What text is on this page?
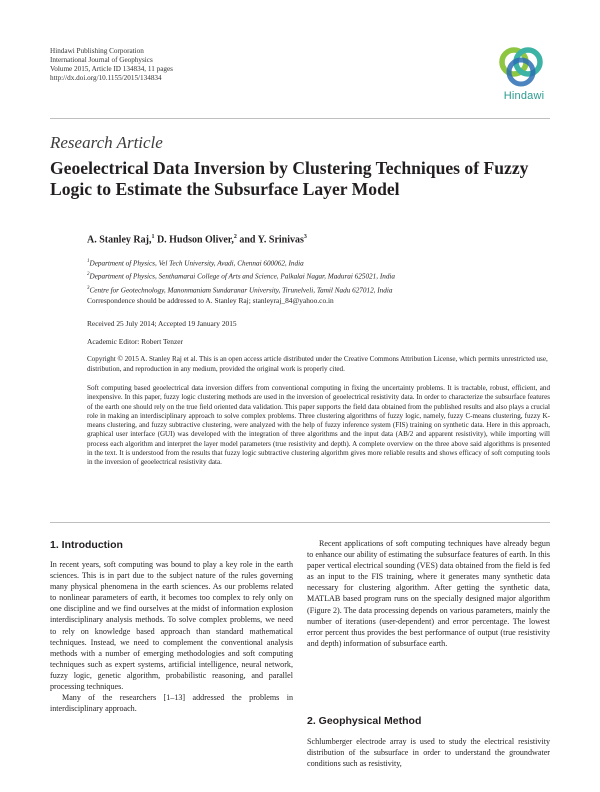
Hindawi Publishing Corporation
International Journal of Geophysics
Volume 2015, Article ID 134834, 11 pages
http://dx.doi.org/10.1155/2015/134834
Hindawi
Research Article
Geoelectrical Data Inversion by Clustering Techniques of Fuzzy Logic to Estimate the Subsurface Layer Model
A. Stanley Raj,$^1$ D. Hudson Oliver,$^2$ and Y. Srinivas$^3$
$^1$Department of Physics, Vel Tech University, Avadi, Chennai 600062, India
$^2$Department of Physics, Senthamarai College of Arts and Science, Palkalai Nagar, Madurai 625021, India
$^3$Centre for Geotechnology, Manonmaniam Sundaranar University, Tirunelveli, Tamil Nadu 627012, India
Correspondence should be addressed to A. Stanley Raj; stanleyraj_84@yahoo.co.in
Received 25 July 2014; Accepted 19 January 2015
Academic Editor: Robert Tenzer
Copyright © 2015 A. Stanley Raj et al. This is an open access article distributed under the Creative Commons Attribution License, which permits unrestricted use, distribution, and reproduction in any medium, provided the original work is properly cited.
Soft computing based geoelectrical data inversion differs from conventional computing in fixing the uncertainty problems. It is tractable, robust, efficient, and inexpensive. In this paper, fuzzy logic clustering methods are used in the inversion of geoelectrical resistivity data. In order to characterize the subsurface features of the earth one should rely on the true field oriented data validation. This paper supports the field data obtained from the published results and also plays a crucial role in making an interdisciplinary approach to solve complex problems. Three clustering algorithms of fuzzy logic, namely, fuzzy C-means clustering, fuzzy K-means clustering, and fuzzy subtractive clustering, were analyzed with the help of fuzzy inference system (FIS) training on synthetic data. Here in this approach, graphical user interface (GUI) was developed with the integration of three algorithms and the input data (AB/2 and apparent resistivity), while importing will process each algorithm and interpret the layer model parameters (true resistivity and depth). A complete overview on the three above said algorithms is presented in the text. It is understood from the results that fuzzy logic subtractive clustering algorithm gives more reliable results and shows efficacy of soft computing tools in the inversion of geoelectrical resistivity data.
1. Introduction

In recent years, soft computing was bound to play a key role in the earth sciences. This is in part due to the subject nature of the rules governing many physical phenomena in the earth sciences. As our problems related to nonlinear parameters of earth, it becomes too complex to rely only on one discipline and we find ourselves at the midst of information explosion interdisciplinary analysis methods. To solve complex problems, we need to rely on knowledge based approach than standard mathematical techniques. Instead, we need to complement the conventional analysis methods with a number of emerging methodologies and soft computing techniques such as expert systems, artificial intelligence, neural network, fuzzy logic, genetic algorithm, probabilistic reasoning, and parallel processing techniques.

Many of the researchers [1–13] addressed the problems in interdisciplinary approach.

Recent applications of soft computing techniques have already begun to enhance our ability of estimating the subsurface features of earth. In this paper vertical electrical sounding (VES) data obtained from the field is fed as an input to the FIS training, where it generates many synthetic data necessary for clustering algorithm. After getting the synthetic data, MATLAB based program runs on the specially designed major algorithm (Figure 2). The data processing depends on various parameters, mainly the number of iterations (user-dependent) and error percentage. The lowest error percent thus provides the best performance of output (true resistivity and depth) information of subsurface earth.

2. Geophysical Method

Schlumberger electrode array is used to study the electrical resistivity distribution of the subsurface in order to understand the groundwater conditions such as resistivity,
